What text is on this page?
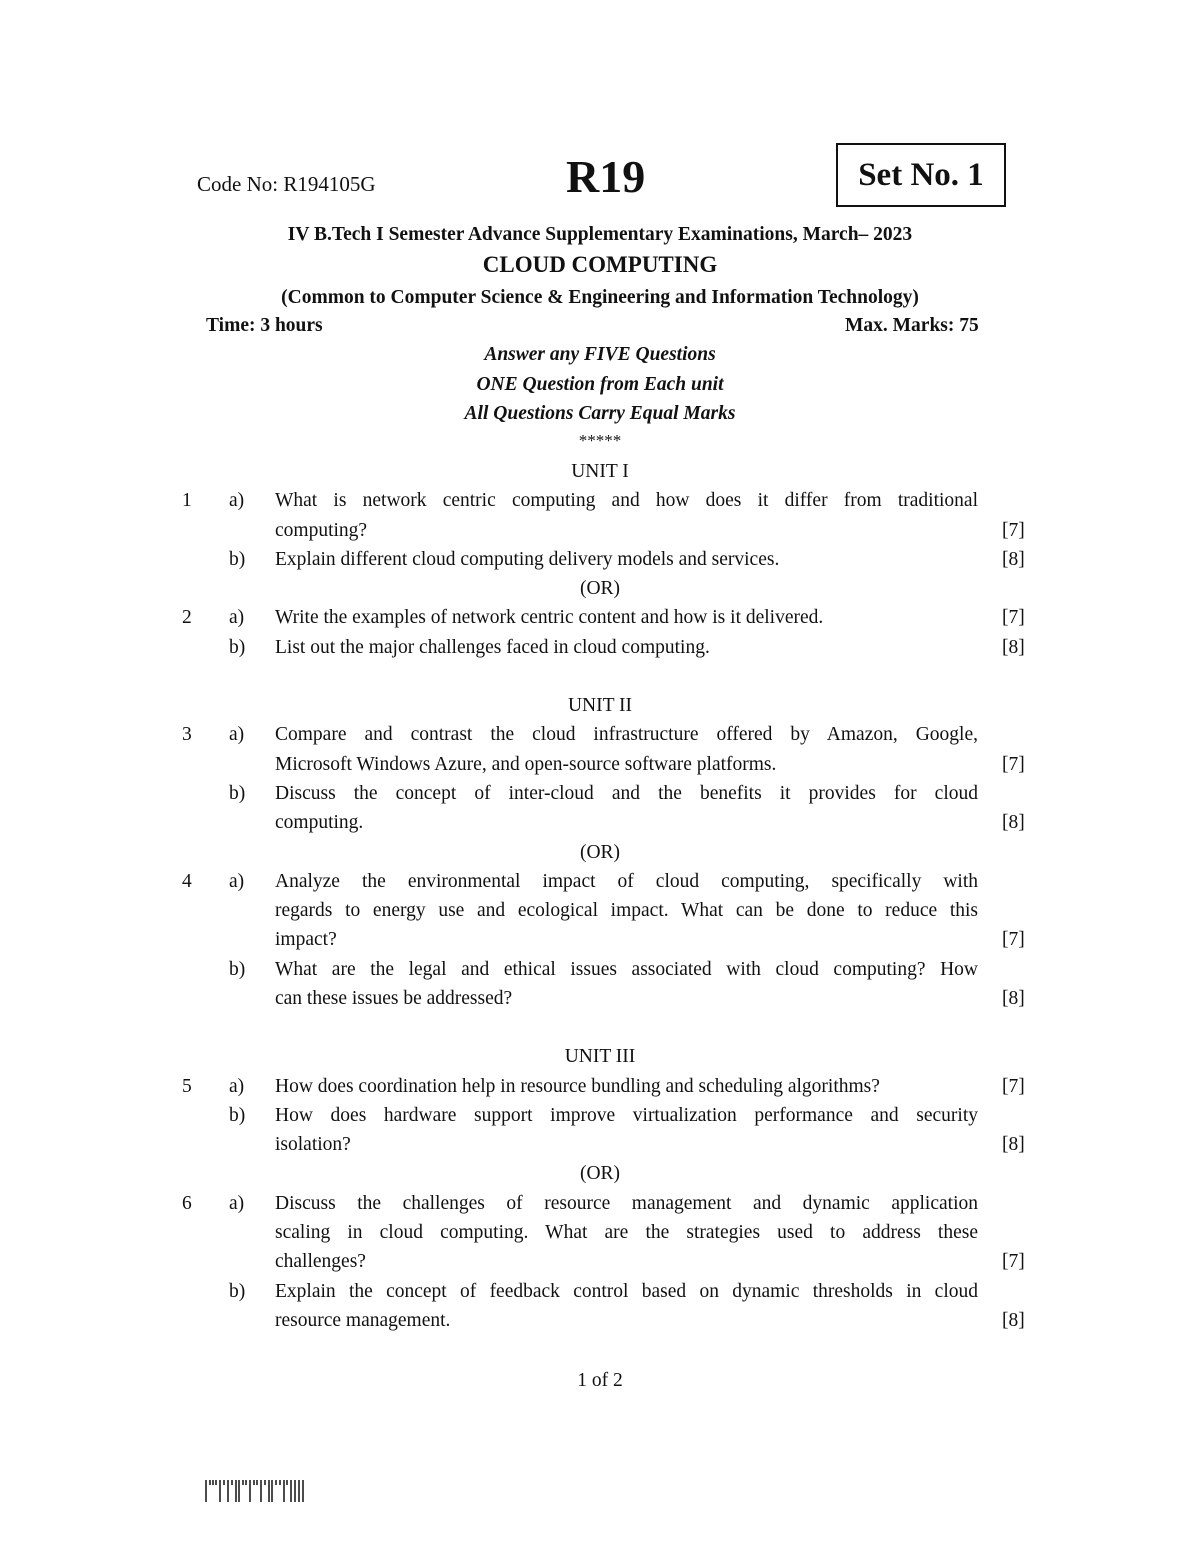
Code No: R194105G	R19	Set No. 1
IV B.Tech I Semester Advance Supplementary Examinations, March– 2023
CLOUD COMPUTING
(Common to Computer Science & Engineering and Information Technology)
Time: 3 hours	Max. Marks: 75
Answer any FIVE Questions
ONE Question from Each unit
All Questions Carry Equal Marks
*****
UNIT I
1 a) What is network centric computing and how does it differ from traditional
computing?	[7]
b) Explain different cloud computing delivery models and services.	[8]
(OR)
2 a) Write the examples of network centric content and how is it delivered.	[7]
b) List out the major challenges faced in cloud computing.	[8]
UNIT II
3 a) Compare and contrast the cloud infrastructure offered by Amazon, Google,
Microsoft Windows Azure, and open-source software platforms.	[7]
b) Discuss the concept of inter-cloud and the benefits it provides for cloud
computing.	[8]
(OR)
4 a) Analyze the environmental impact of cloud computing, specifically with
regards to energy use and ecological impact. What can be done to reduce this
impact?	[7]
b) What are the legal and ethical issues associated with cloud computing? How
can these issues be addressed?	[8]
UNIT III
5 a) How does coordination help in resource bundling and scheduling algorithms?	[7]
b) How does hardware support improve virtualization performance and security
isolation?	[8]
(OR)
6 a) Discuss the challenges of resource management and dynamic application
scaling in cloud computing. What are the strategies used to address these
challenges?	[7]
b) Explain the concept of feedback control based on dynamic thresholds in cloud
resource management.	[8]
1 of 2
